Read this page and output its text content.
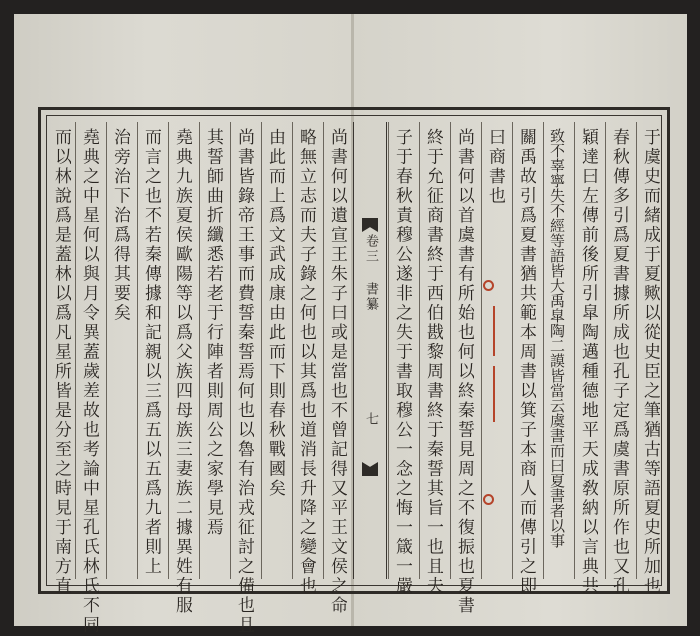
于虞史而緒成于夏歟以從史臣之筆猶古等語夏史所加也
春秋傳多引爲夏書據所成也孔子定爲虞書原所作也又孔
穎達曰左傳前後所引皐陶邁種德地平天成敎納以言典共
致不辜寧失不經等語皆大禹皐陶二謨皆當云虞書而曰夏書者以事
關禹故引爲夏書猶共範本周書以箕子本商人而傳引之即
曰商書也
尚書何以首虞書有所始也何以終秦誓見周之不復振也夏書
終于允征商書終于西伯戡黎周書終于秦誓其旨一也且夫
子于春秋責穆公遂非之失于書取穆公一念之悔一箴一嚴
卷三
書纂
七
尚書何以遺宣王朱子曰或是當也不曾記得又平王文侯之命
略無立志而夫子錄之何也以其爲也道消長升降之變會也
由此而上爲文武成康由此而下則春秋戰國矣
尚書皆錄帝王事而費誓秦誓焉何也以魯有治戎征討之備也且
其誓師曲折纖悉若老于行陣者則周公之家學見焉
堯典九族夏侯歐陽等以爲父族四母族三妻族二據異姓有服
而言之也不若秦傳據和記親以三爲五以五爲九者則上
治旁治下治爲得其要矣
堯典之中星何以與月令異蓋歲差故也考論中星孔氏林氏不同
而以林說爲是蓋林以爲凡星所皆是分至之時見于南方直
